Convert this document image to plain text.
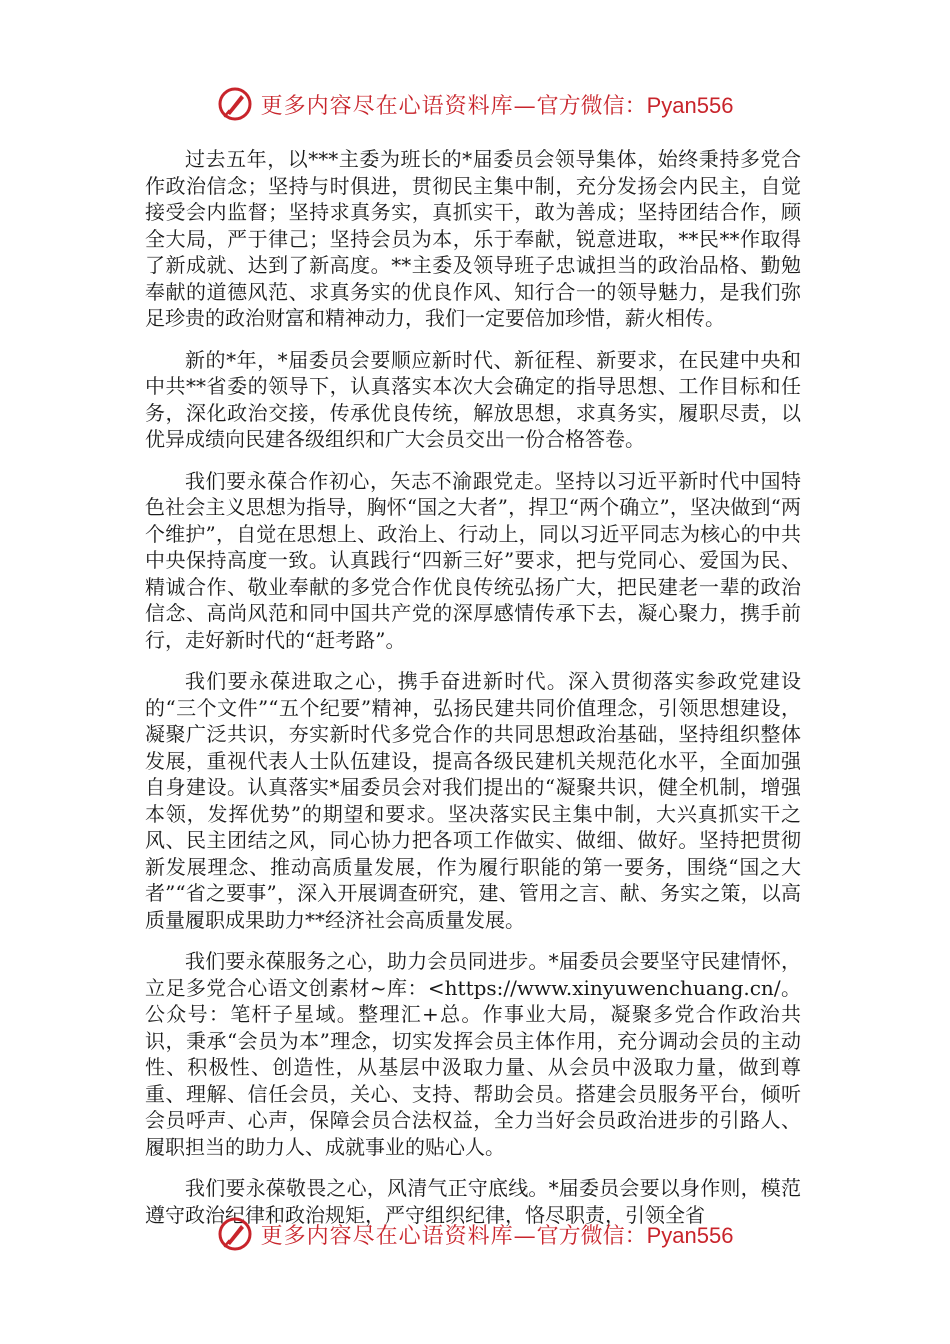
更多内容尽在心语资料库—官方微信：Pyan556

过去五年，以***主委为班长的*届委员会领导集体，始终秉持多党合作政治信念；坚持与时俱进，贯彻民主集中制，充分发扬会内民主，自觉接受会内监督；坚持求真务实，真抓实干，敢为善成；坚持团结合作，顾全大局，严于律己；坚持会员为本，乐于奉献，锐意进取，**民**作取得了新成就、达到了新高度。**主委及领导班子忠诚担当的政治品格、勤勉奉献的道德风范、求真务实的优良作风、知行合一的领导魅力，是我们弥足珍贵的政治财富和精神动力，我们一定要倍加珍惜，薪火相传。

新的*年，*届委员会要顺应新时代、新征程、新要求，在民建中央和中共**省委的领导下，认真落实本次大会确定的指导思想、工作目标和任务，深化政治交接，传承优良传统，解放思想，求真务实，履职尽责，以优异成绩向民建各级组织和广大会员交出一份合格答卷。

我们要永葆合作初心，矢志不渝跟党走。坚持以习近平新时代中国特色社会主义思想为指导，胸怀“国之大者”，捍卫“两个确立”，坚决做到“两个维护”，自觉在思想上、政治上、行动上，同以习近平同志为核心的中共中央保持高度一致。认真践行“四新三好”要求，把与党同心、爱国为民、精诚合作、敬业奉献的多党合作优良传统弘扬广大，把民建老一辈的政治信念、高尚风范和同中国共产党的深厚感情传承下去，凝心聚力，携手前行，走好新时代的“赶考路”。

我们要永葆进取之心，携手奋进新时代。深入贯彻落实参政党建设的“三个文件”“五个纪要”精神，弘扬民建共同价值理念，引领思想建设，凝聚广泛共识，夯实新时代多党合作的共同思想政治基础，坚持组织整体发展，重视代表人士队伍建设，提高各级民建机关规范化水平，全面加强自身建设。认真落实*届委员会对我们提出的“凝聚共识，健全机制，增强本领，发挥优势”的期望和要求。坚决落实民主集中制，大兴真抓实干之风、民主团结之风，同心协力把各项工作做实、做细、做好。坚持把贯彻新发展理念、推动高质量发展，作为履行职能的第一要务，围绕“国之大者”“省之要事”，深入开展调查研究，建、管用之言、献、务实之策，以高质量履职成果助力**经济社会高质量发展。

我们要永葆服务之心，助力会员同进步。*届委员会要坚守民建情怀，立足多党合心语文创素材~库：<https://www.xinyuwenchuang.cn/。公众号：笔杆子星域。整理汇+总。作事业大局，凝聚多党合作政治共识，秉承“会员为本”理念，切实发挥会员主体作用，充分调动会员的主动性、积极性、创造性，从基层中汲取力量、从会员中汲取力量，做到尊重、理解、信任会员，关心、支持、帮助会员。搭建会员服务平台，倾听会员呼声、心声，保障会员合法权益，全力当好会员政治进步的引路人、履职担当的助力人、成就事业的贴心人。

我们要永葆敬畏之心，风清气正守底线。*届委员会要以身作则，模范遵守政治纪律和政治规矩，严守组织纪律，恪尽职责，引领全省

更多内容尽在心语资料库—官方微信：Pyan556
